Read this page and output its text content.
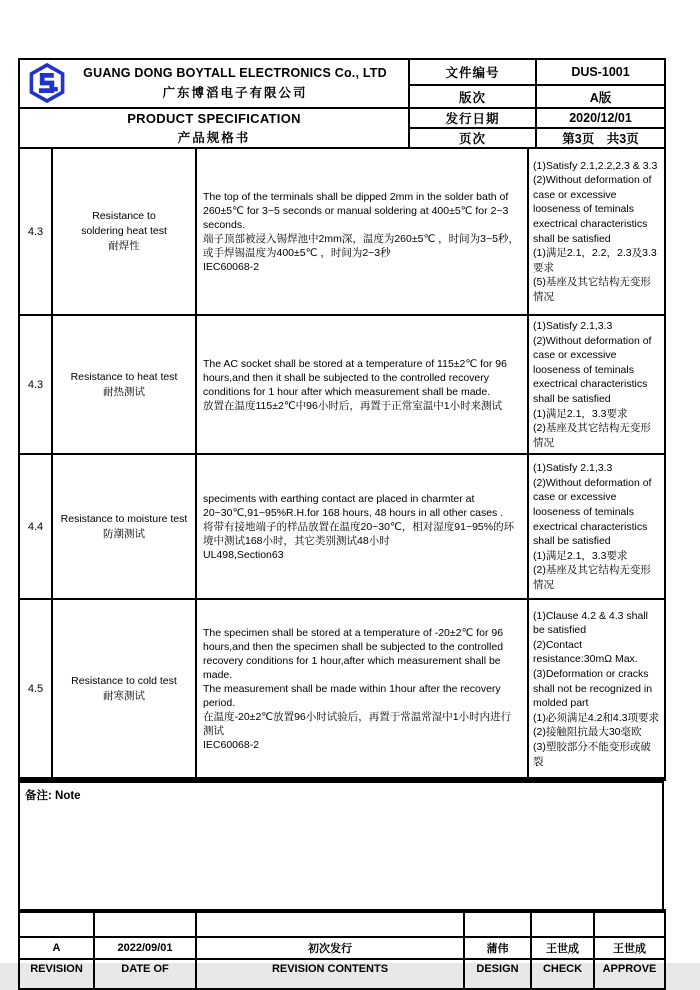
GUANG DONG BOYTALL ELECTRONICS Co., LTD
广东博滔电子有限公司	文件编号	DUS-1001
	版次	A版

PRODUCT SPECIFICATION
产品规格书	发行日期	2020/12/01
	页次	第3页　共3页
4.3	
Resistance to
soldering heat test
耐焊性

The top of the terminals shall be dipped 2mm in the solder bath of 260±5℃ for 3~5 seconds or manual soldering at 400±5℃ for 2~3 seconds.
端子顶部被浸入锡焊池中2mm深，温度为260±5℃ ，时间为3~5秒，或手焊锡温度为400±5℃ ，时间为2~3秒
IEC60068-2

(1)Satisfy 2.1,2.2,2.3 & 3.3
(2)Without deformation of case or excessive looseness of teminals exectrical characteristics shall be satisfied
(1)满足2.1，2.2，2.3及3.3要求
(5)基座及其它结构无变形情况

4.3	
Resistance to heat test
耐热测试

The AC socket shall be stored at a temperature of 115±2℃ for 96 hours,and then it shall be subjected to the controlled recovery conditions for 1 hour after which measurement shall be made.
放置在温度115±2℃中96小时后，再置于正常室温中1小时来测试

(1)Satisfy 2.1,3.3
(2)Without deformation of case or excessive looseness of teminals exectrical characteristics shall be satisfied
(1)满足2.1，3.3要求
(2)基座及其它结构无变形情况

4.4	
Resistance to moisture test
防潮测试

speciments with earthing contact are placed in charmter at 20~30℃,91~95%R.H.for 168 hours, 48 hours in all other cases .
将带有接地端子的样品放置在温度20~30℃，相对湿度91~95%的环境中测试168小时，其它类别测试48小时
UL498,Section63

(1)Satisfy 2.1,3.3
(2)Without deformation of case or excessive looseness of teminals exectrical characteristics shall be satisfied
(1)满足2.1，3.3要求
(2)基座及其它结构无变形情况

4.5	
Resistance to cold test
耐寒测试

The specimen shall be stored at a temperature of -20±2℃ for 96 hours,and then the specimen shall be subjected to the controlled recovery conditions for 1 hour,after which measurement shall be made.
The measurement shall be made within 1hour after the recovery period.
在温度-20±2℃放置96小时试验后，再置于常温常湿中1小时内进行测试
IEC60068-2

(1)Clause 4.2 & 4.3 shall be satisfied
(2)Contact resistance:30mΩ Max.
(3)Deformation or cracks shall not be recognized in molded part
(1)必须满足4.2和4.3项要求
(2)接触阻抗最大30毫欧
(3)塑胶部分不能变形或破裂
备注: Note

A	2022/09/01	初次发行	蒲伟	王世成	王世成
REVISION	DATE OF	REVISION CONTENTS	DESIGN	CHECK	APPROVE
